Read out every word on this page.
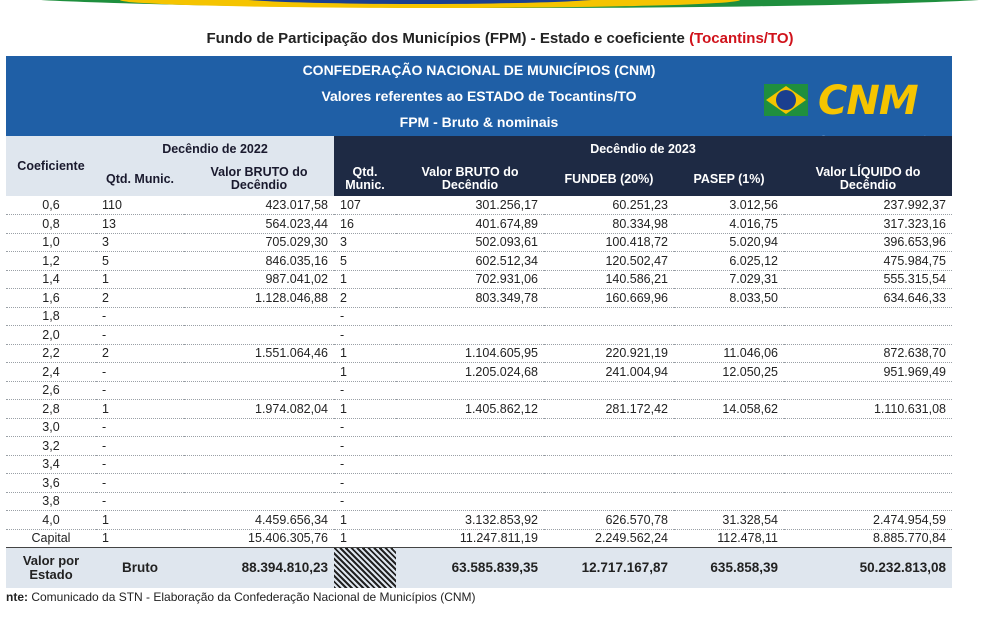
Fundo de Participação dos Municípios (FPM) - Estado e coeficiente (Tocantins/TO)
CONFEDERAÇÃO NACIONAL DE MUNICÍPIOS (CNM)
Valores referentes ao ESTADO de Tocantins/TO
FPM - Bruto & nominais	CNM
Coeficiente	Decêndio de 2022		Decêndio de 2023				
	Qtd. Munic.	Valor BRUTO do Decêndio	Qtd. Munic.	Valor BRUTO do Decêndio	FUNDEB (20%)	PASEP (1%)	Valor LÍQUIDO do Decêndio
0,6	110	423.017,58	107	301.256,17	60.251,23	3.012,56	237.992,37
0,8	13	564.023,44	16	401.674,89	80.334,98	4.016,75	317.323,16
1,0	3	705.029,30	3	502.093,61	100.418,72	5.020,94	396.653,96
1,2	5	846.035,16	5	602.512,34	120.502,47	6.025,12	475.984,75
1,4	1	987.041,02	1	702.931,06	140.586,21	7.029,31	555.315,54
1,6	2	1.128.046,88	2	803.349,78	160.669,96	8.033,50	634.646,33
1,8	-		-				
2,0	-		-				
2,2	2	1.551.064,46	1	1.104.605,95	220.921,19	11.046,06	872.638,70
2,4	-		1	1.205.024,68	241.004,94	12.050,25	951.969,49
2,6	-		-				
2,8	1	1.974.082,04	1	1.405.862,12	281.172,42	14.058,62	1.110.631,08
3,0	-		-				
3,2	-		-				
3,4	-		-				
3,6	-		-				
3,8	-		-				
4,0	1	4.459.656,34	1	3.132.853,92	626.570,78	31.328,54	2.474.954,59
Capital	1	15.406.305,76	1	11.247.811,19	2.249.562,24	112.478,11	8.885.770,84
Valor por Estado	Bruto	88.394.810,23		63.585.839,35	12.717.167,87	635.858,39	50.232.813,08
nte: Comunicado da STN - Elaboração da Confederação Nacional de Municípios (CNM)
